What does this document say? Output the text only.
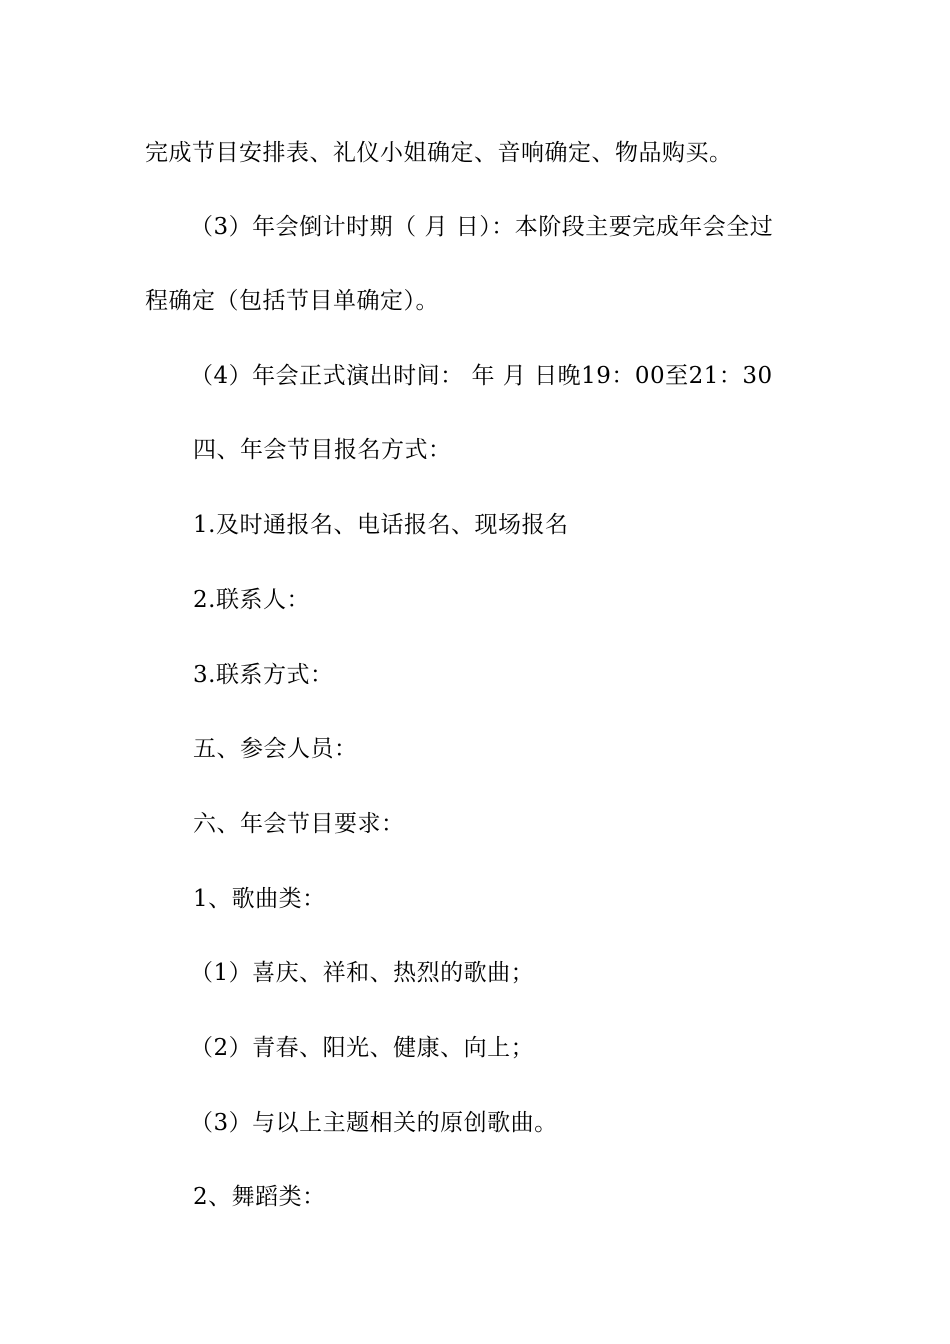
完成节目安排表、礼仪小姐确定、音响确定、物品购买。
（3）年会倒计时期（ 月 日）：本阶段主要完成年会全过
程确定（包括节目单确定）。
（4）年会正式演出时间： 年 月 日晚19：00至21：30
四、年会节目报名方式：
1.及时通报名、电话报名、现场报名
2.联系人：
3.联系方式：
五、参会人员：
六、年会节目要求：
1、歌曲类：
（1）喜庆、祥和、热烈的歌曲；
（2）青春、阳光、健康、向上；
（3）与以上主题相关的原创歌曲。
2、舞蹈类：
